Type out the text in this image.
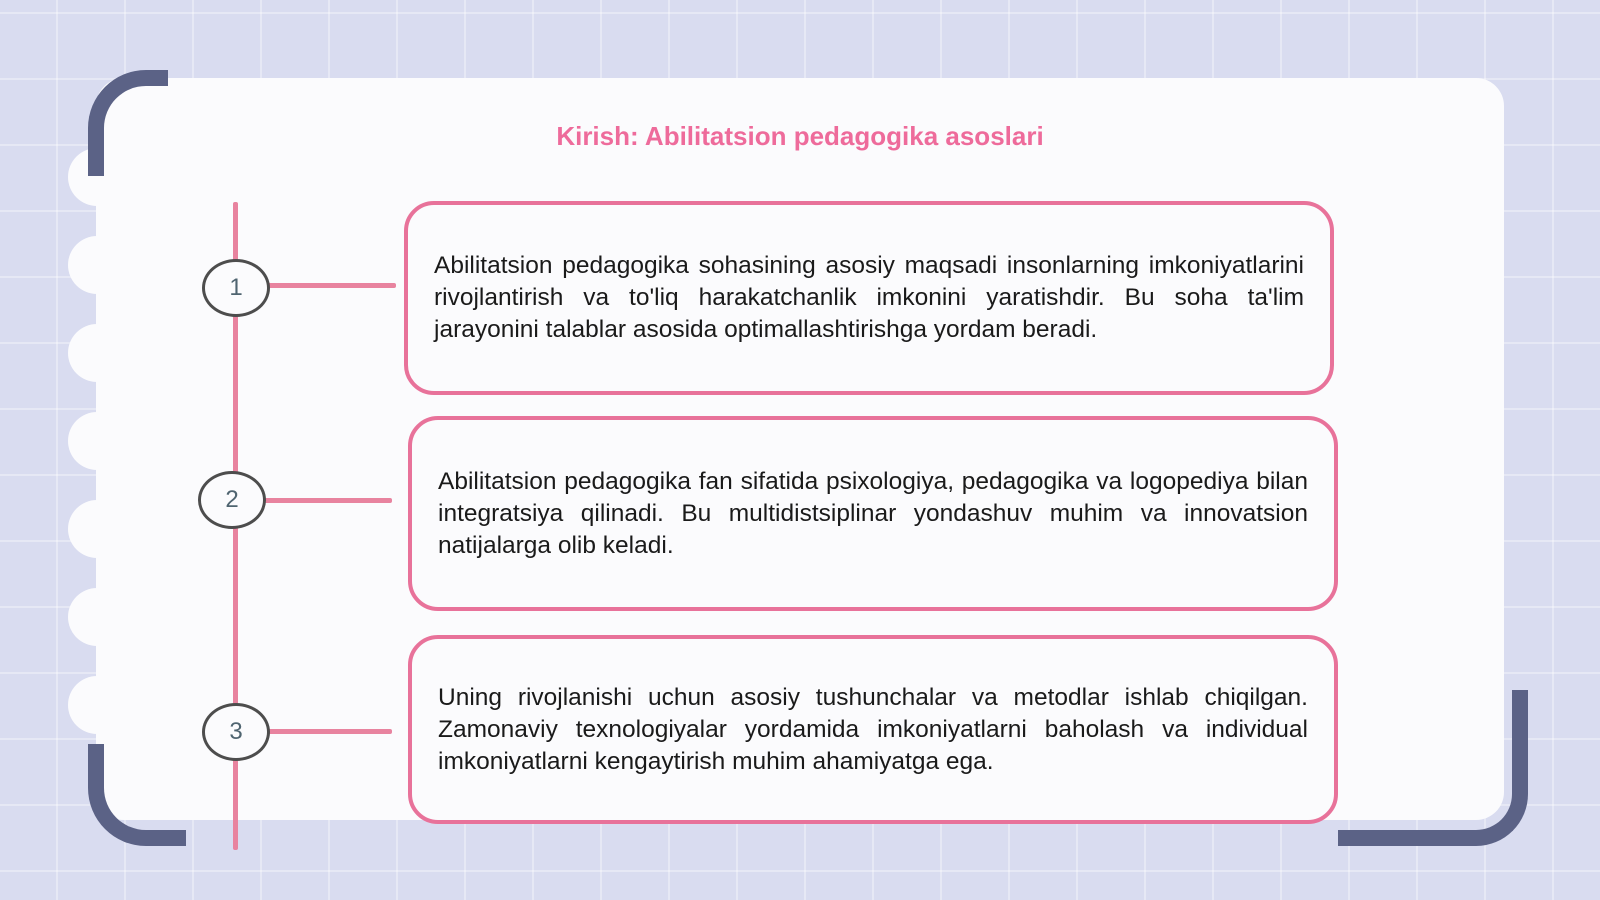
Kirish: Abilitatsion pedagogika asoslari
1

Abilitatsion pedagogika sohasining asosiy maqsadi insonlarning imkoniyatlarini rivojlantirish va to'liq harakatchanlik imkonini yaratishdir. Bu soha ta'lim jarayonini talablar asosida optimallashtirishga yordam beradi.

2

Abilitatsion pedagogika fan sifatida psixologiya, pedagogika va logopediya bilan integratsiya qilinadi. Bu multidistsiplinar yondashuv muhim va innovatsion natijalarga olib keladi.

3

Uning rivojlanishi uchun asosiy tushunchalar va metodlar ishlab chiqilgan. Zamonaviy texnologiyalar yordamida imkoniyatlarni baholash va individual imkoniyatlarni kengaytirish muhim ahamiyatga ega.
